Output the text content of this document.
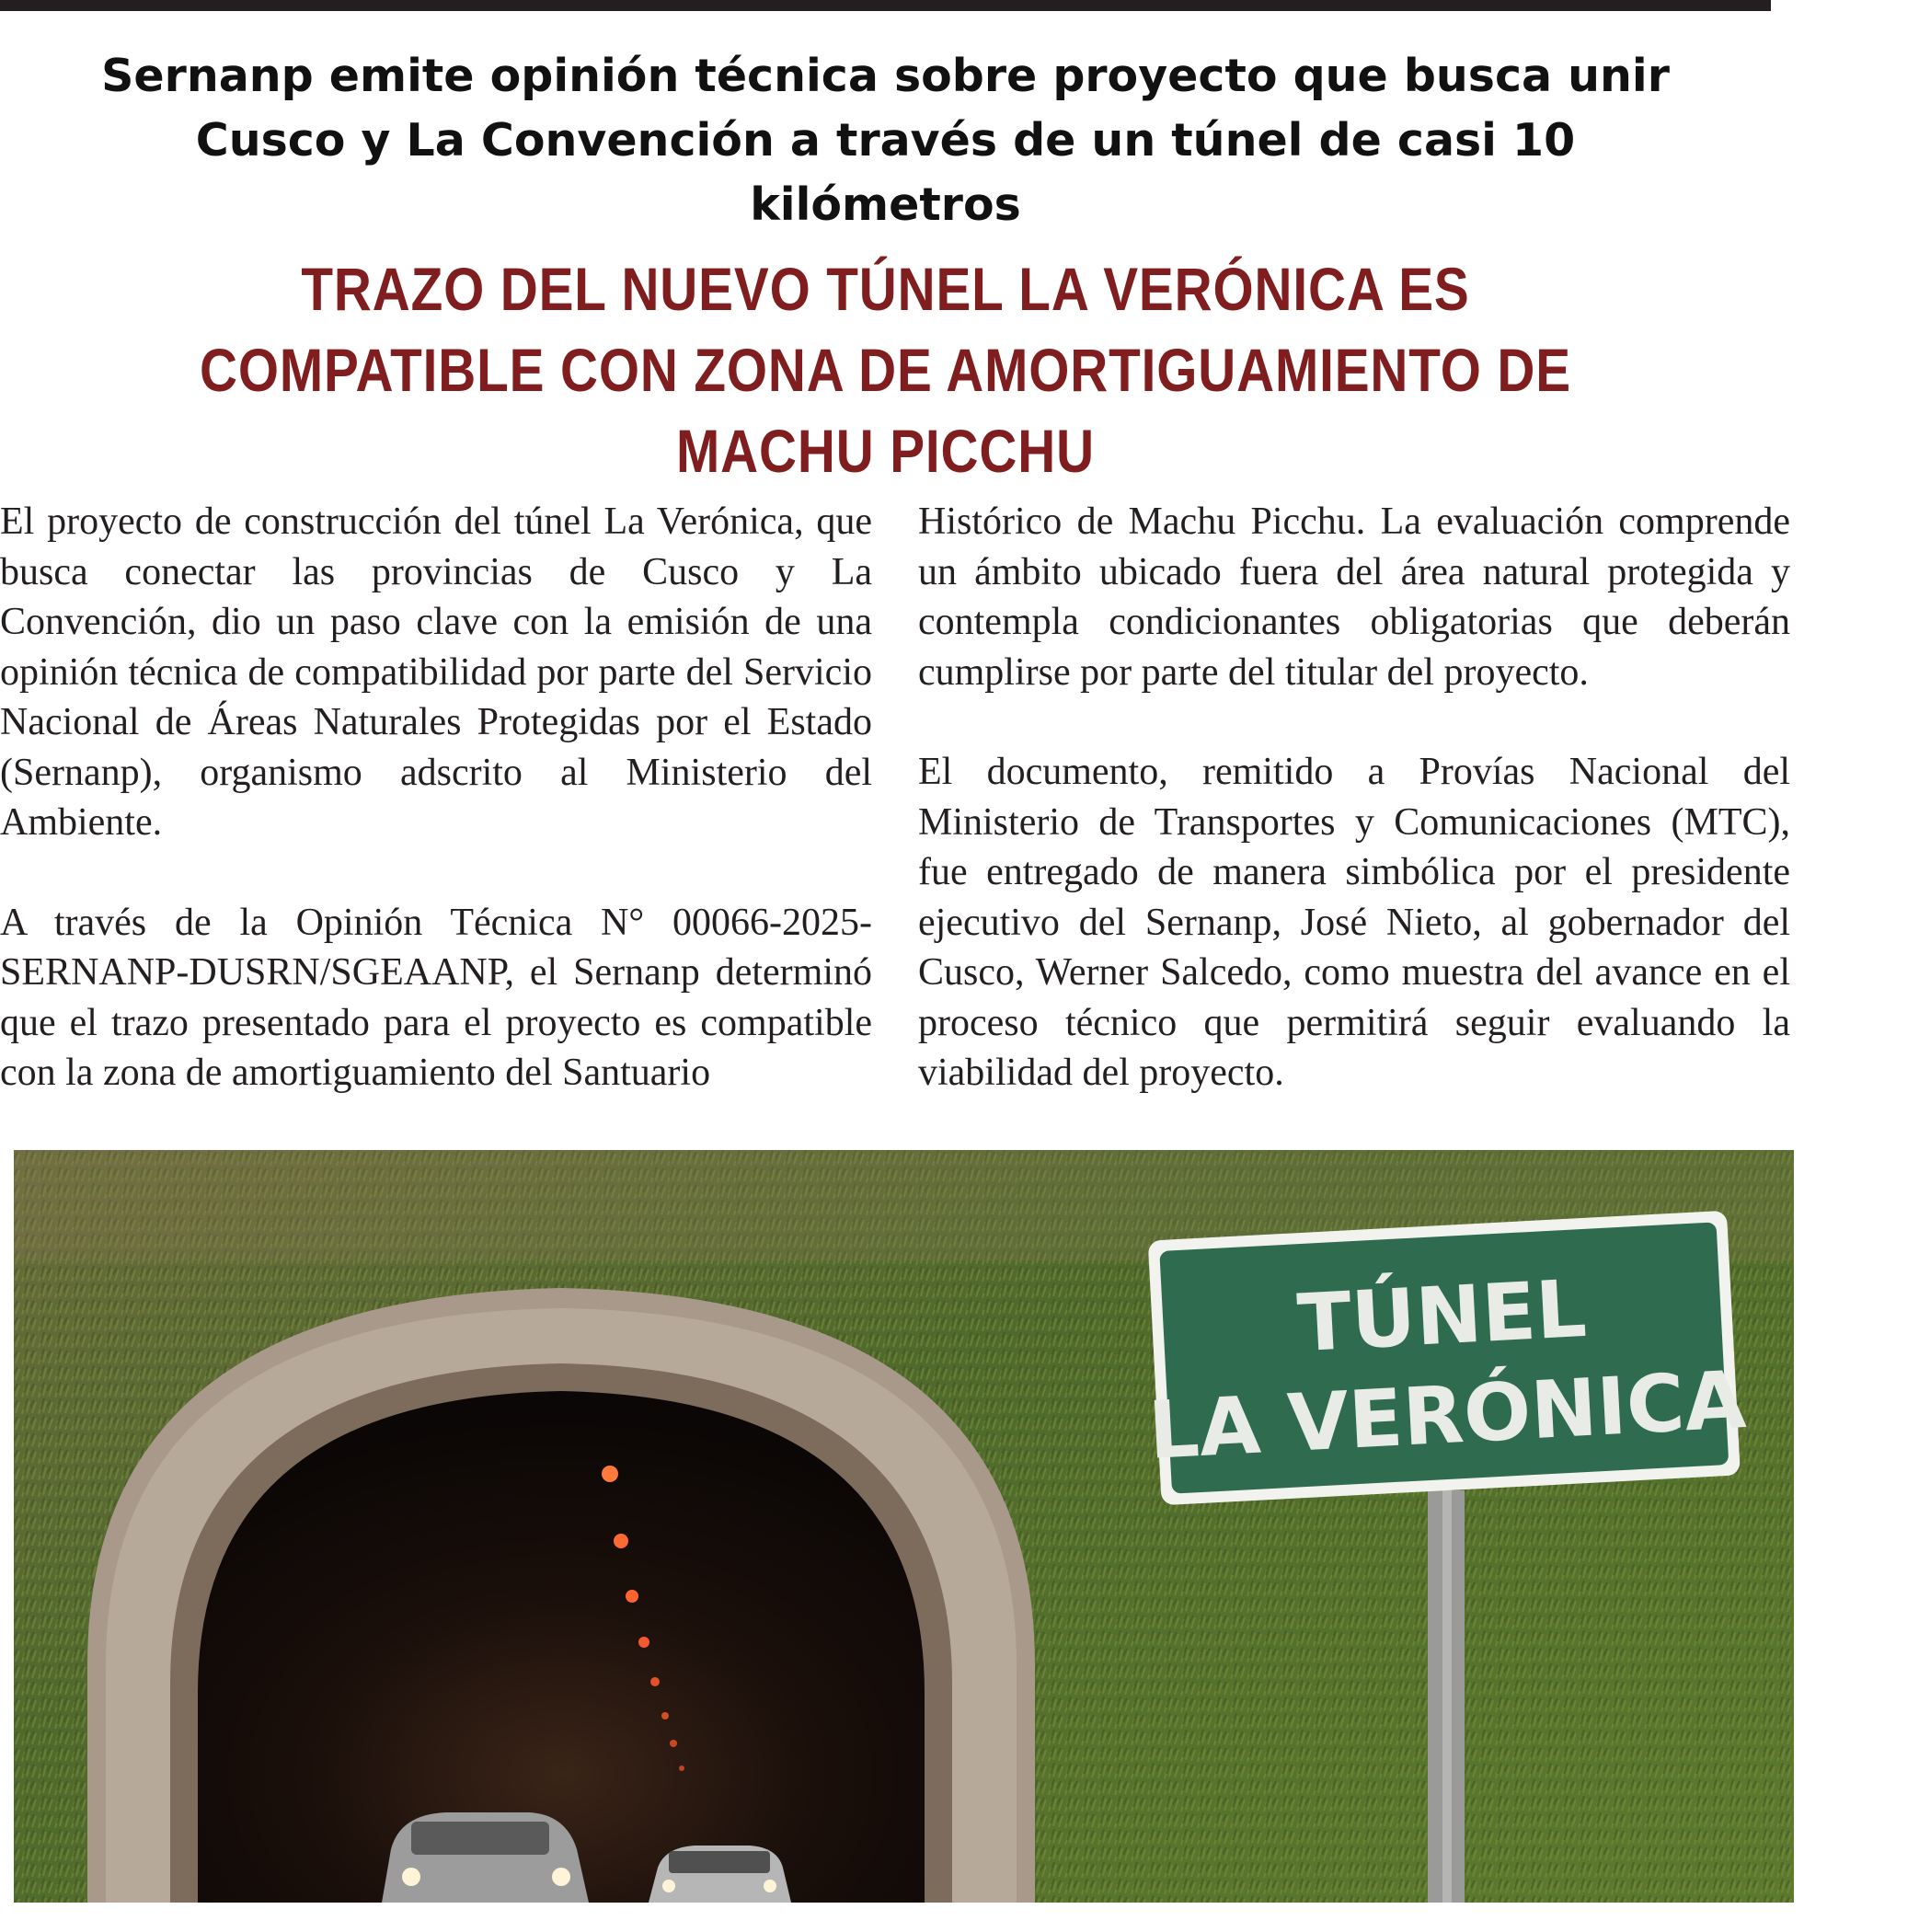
Sernanp emite opinión técnica sobre proyecto que busca unir Cusco y La Convención a través de un túnel de casi 10 kilómetros
TRAZO DEL NUEVO TÚNEL LA VERÓNICA ES COMPATIBLE CON ZONA DE AMORTIGUAMIENTO DE MACHU PICCHU

El proyecto de construcción del túnel La Verónica, que busca conectar las provincias de Cusco y La Convención, dio un paso clave con la emisión de una opinión técnica de compatibilidad por parte del Servicio Nacional de Áreas Naturales Protegidas por el Estado (Sernanp), organismo adscrito al Ministerio del Ambiente.

A través de la Opinión Técnica N° 00066-2025-SERNANP-DUSRN/SGEAANP, el Sernanp determinó que el trazo presentado para el proyecto es compatible con la zona de amortiguamiento del Santuario

Histórico de Machu Picchu. La evaluación comprende un ámbito ubicado fuera del área natural protegida y contempla condicionantes obligatorias que deberán cumplirse por parte del titular del proyecto.

El documento, remitido a Provías Nacional del Ministerio de Transportes y Comunicaciones (MTC), fue entregado de manera simbólica por el presidente ejecutivo del Sernanp, José Nieto, al gobernador del Cusco, Werner Salcedo, como muestra del avance en el proceso técnico que permitirá seguir evaluando la viabilidad del proyecto.

TÚNEL
LA VERÓNICA
